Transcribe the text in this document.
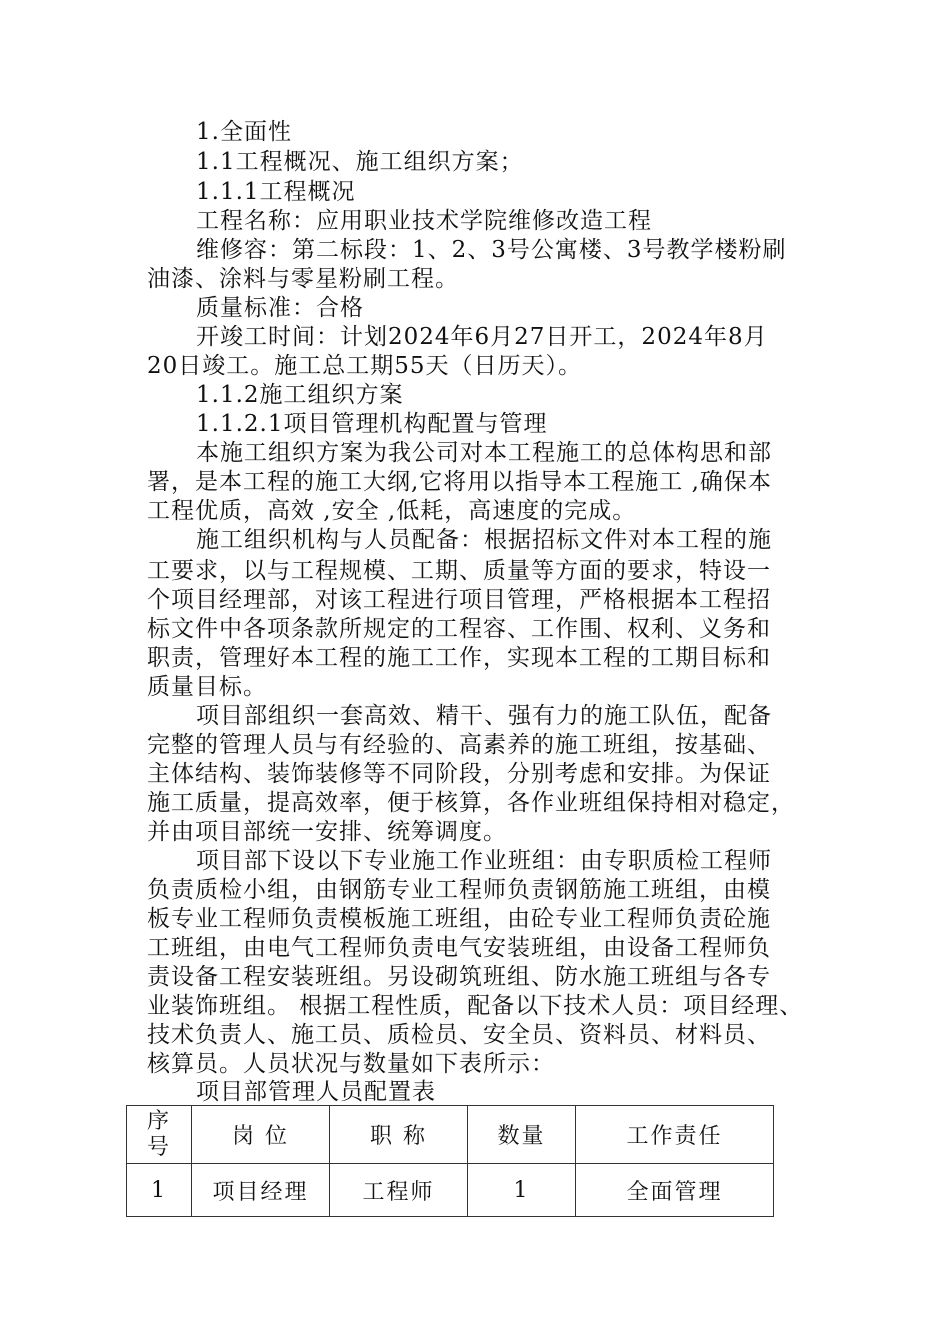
1.全面性
1.1工程概况、施工组织方案；
1.1.1工程概况
工程名称：应用职业技术学院维修改造工程
维修容：第二标段：1、2、3号公寓楼、3号教学楼粉刷
油漆、涂料与零星粉刷工程。
质量标准：合格
开竣工时间：计划2024年6月27日开工，2024年8月
20日竣工。施工总工期55天（日历天）。
1.1.2施工组织方案
1.1.2.1项目管理机构配置与管理
本施工组织方案为我公司对本工程施工的总体构思和部
署，是本工程的施工大纲,它将用以指导本工程施工 ,确保本
工程优质，高效 ,安全 ,低耗，高速度的完成。
施工组织机构与人员配备：根据招标文件对本工程的施
工要求，以与工程规模、工期、质量等方面的要求，特设一
个项目经理部，对该工程进行项目管理，严格根据本工程招
标文件中各项条款所规定的工程容、工作围、权利、义务和
职责，管理好本工程的施工工作，实现本工程的工期目标和
质量目标。
项目部组织一套高效、精干、强有力的施工队伍，配备
完整的管理人员与有经验的、高素养的施工班组，按基础、
主体结构、装饰装修等不同阶段，分别考虑和安排。为保证
施工质量，提高效率，便于核算，各作业班组保持相对稳定，
并由项目部统一安排、统筹调度。
项目部下设以下专业施工作业班组：由专职质检工程师
负责质检小组，由钢筋专业工程师负责钢筋施工班组，由模
板专业工程师负责模板施工班组，由砼专业工程师负责砼施
工班组，由电气工程师负责电气安装班组，由设备工程师负
责设备工程安装班组。另设砌筑班组、防水施工班组与各专
业装饰班组。 根据工程性质，配备以下技术人员：项目经理、
技术负责人、施工员、质检员、安全员、资料员、材料员、
核算员。人员状况与数量如下表所示：
项目部管理人员配置表
序
号	岗 位	职 称	数量	工作责任
1	项目经理	工程师	1	全面管理
